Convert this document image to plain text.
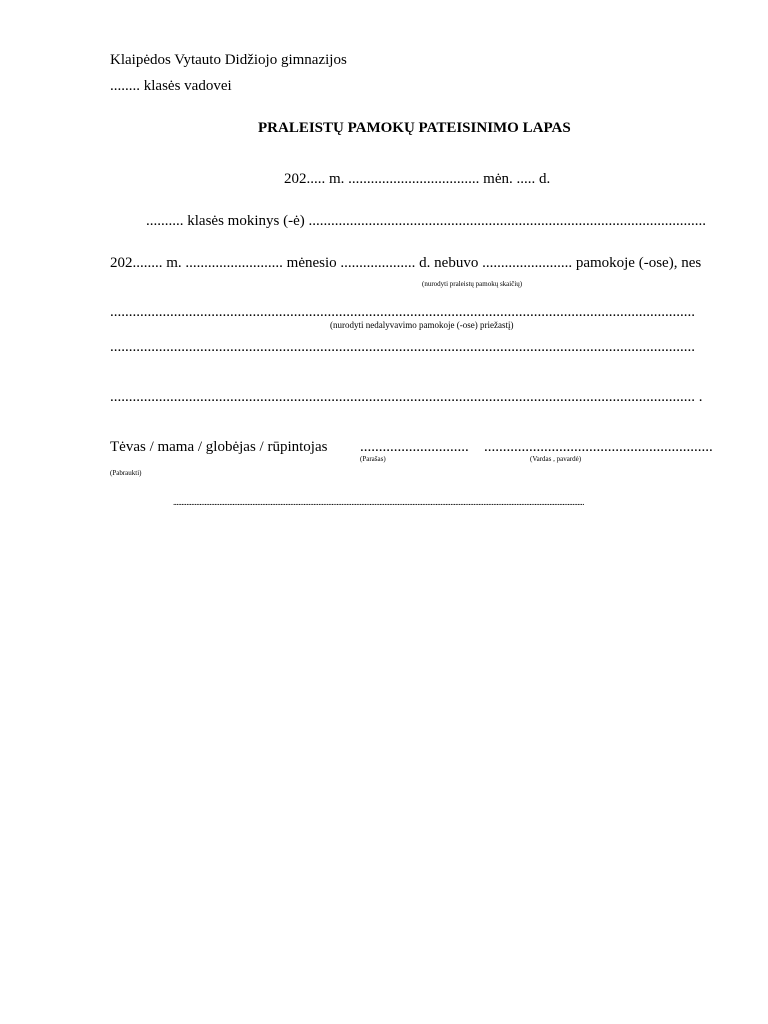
Klaipėdos Vytauto Didžiojo gimnazijos
........ klasės vadovei
PRALEISTŲ PAMOKŲ PATEISINIMO LAPAS
202..... m. ................................... mėn. ..... d.
.......... klasės mokinys (-ė) ..........................................................................................................
202........ m. .......................... mėnesio .................... d. nebuvo ........................ pamokoje (-ose), nes
(nurodyti praleistų pamokų skaičių)
............................................................................................................................................................
(nurodyti nedalyvavimo pamokoje (-ose) priežastį)
............................................................................................................................................................
............................................................................................................................................................ .
Tėvas / mama / globėjas / rūpintojas ............................. .............................................................
(Parašas)	(Vardas , pavardė)
(Pabraukti)
.........................................................................................................................................................................................................................................................
